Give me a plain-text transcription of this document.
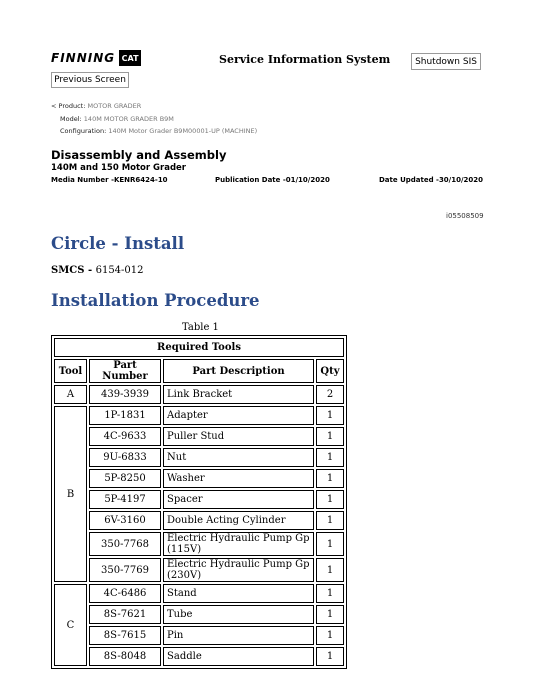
FINNING CAT	Service Information System	Shutdown SIS
Previous Screen
< Product: MOTOR GRADER
Model: 140M MOTOR GRADER B9M
Configuration: 140M Motor Grader B9M00001-UP (MACHINE)
Disassembly and Assembly
140M and 150 Motor Grader
Media Number -KENR6424-10	Publication Date -01/10/2020	Date Updated -30/10/2020
i05508509
Circle - Install
SMCS - 6154-012
Installation Procedure
Table 1
Required Tools			
Tool	Part Number	Part Description	Qty
A	439-3939	Link Bracket	2
B	1P-1831	Adapter	1
	4C-9633	Puller Stud	1
	9U-6833	Nut	1
	5P-8250	Washer	1
	5P-4197	Spacer	1
	6V-3160	Double Acting Cylinder	1
	350-7768	Electric Hydraulic Pump Gp (115V)	1
	350-7769	Electric Hydraulic Pump Gp (230V)	1
C	4C-6486	Stand	1
	8S-7621	Tube	1
	8S-7615	Pin	1
	8S-8048	Saddle	1
